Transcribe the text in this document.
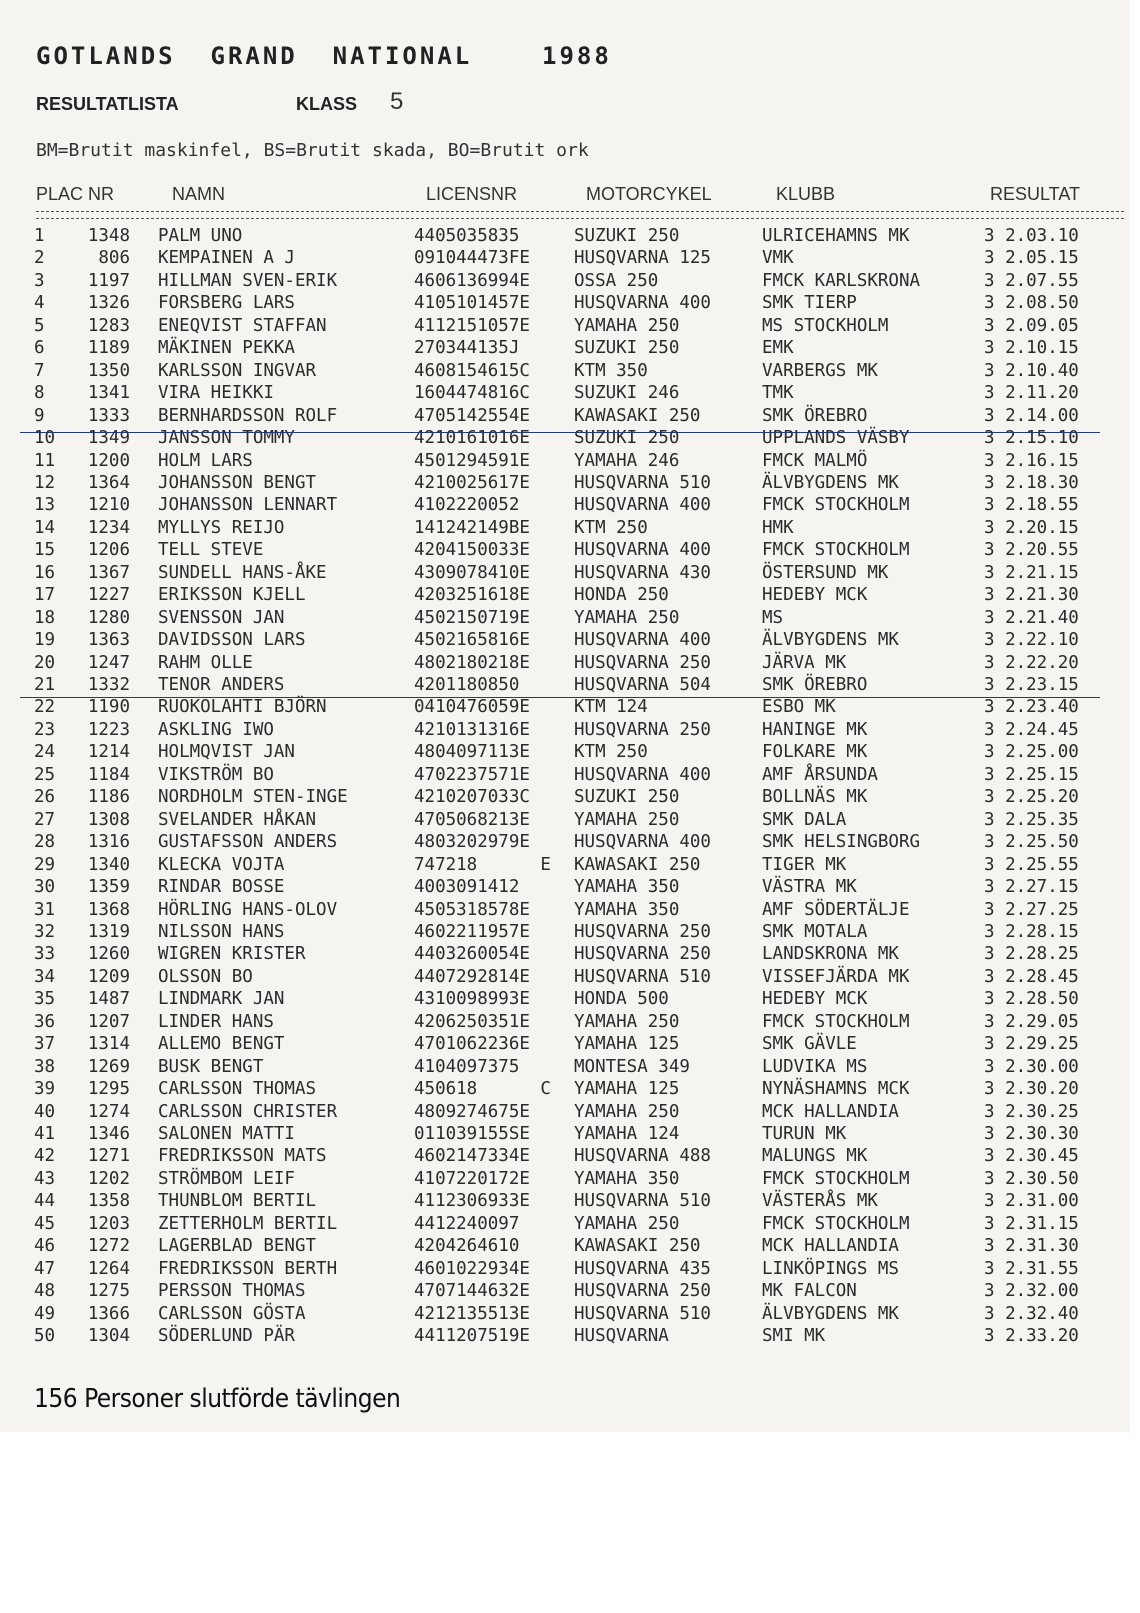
GOTLANDS  GRAND  NATIONAL    1988
RESULTATLISTA	KLASS 5
BM=Brutit maskinfel, BS=Brutit skada, BO=Brutit ork
PLAC NR	NAMN	LICENSNR	MOTORCYKEL	KLUBB	RESULTAT
1	1348 PALM UNO	4405035835	SUZUKI 250	ULRICEHAMNS MK	3 2.03.10
2	806 KEMPAINEN A J	091044473FE	HUSQVARNA 125	VMK	3 2.05.15
3	1197 HILLMAN SVEN-ERIK	4606136994E	OSSA 250	FMCK KARLSKRONA	3 2.07.55
4	1326 FORSBERG LARS	4105101457E	HUSQVARNA 400	SMK TIERP	3 2.08.50
5	1283 ENEQVIST STAFFAN	4112151057E	YAMAHA 250	MS STOCKHOLM	3 2.09.05
6	1189 MÄKINEN PEKKA	270344135J	SUZUKI 250	EMK	3 2.10.15
7	1350 KARLSSON INGVAR	4608154615C	KTM 350	VARBERGS MK	3 2.10.40
8	1341 VIRA HEIKKI	1604474816C	SUZUKI 246	TMK	3 2.11.20
9	1333 BERNHARDSSON ROLF	4705142554E	KAWASAKI 250	SMK ÖREBRO	3 2.14.00
10	1349 JANSSON TOMMY	4210161016E	SUZUKI 250	UPPLANDS VÄSBY	3 2.15.10
11	1200 HOLM LARS	4501294591E	YAMAHA 246	FMCK MALMÖ	3 2.16.15
12	1364 JOHANSSON BENGT	4210025617E	HUSQVARNA 510	ÄLVBYGDENS MK	3 2.18.30
13	1210 JOHANSSON LENNART	4102220052	HUSQVARNA 400	FMCK STOCKHOLM	3 2.18.55
14	1234 MYLLYS REIJO	141242149BE	KTM 250	HMK	3 2.20.15
15	1206 TELL STEVE	4204150033E	HUSQVARNA 400	FMCK STOCKHOLM	3 2.20.55
16	1367 SUNDELL HANS-ÅKE	4309078410E	HUSQVARNA 430	ÖSTERSUND MK	3 2.21.15
17	1227 ERIKSSON KJELL	4203251618E	HONDA 250	HEDEBY MCK	3 2.21.30
18	1280 SVENSSON JAN	4502150719E	YAMAHA 250	MS	3 2.21.40
19	1363 DAVIDSSON LARS	4502165816E	HUSQVARNA 400	ÄLVBYGDENS MK	3 2.22.10
20	1247 RAHM OLLE	4802180218E	HUSQVARNA 250	JÄRVA MK	3 2.22.20
21	1332 TENOR ANDERS	4201180850	HUSQVARNA 504	SMK ÖREBRO	3 2.23.15
22	1190 RUOKOLAHTI BJÖRN	0410476059E	KTM 124	ESBO MK	3 2.23.40
23	1223 ASKLING IWO	4210131316E	HUSQVARNA 250	HANINGE MK	3 2.24.45
24	1214 HOLMQVIST JAN	4804097113E	KTM 250	FOLKARE MK	3 2.25.00
25	1184 VIKSTRÖM BO	4702237571E	HUSQVARNA 400	AMF ÅRSUNDA	3 2.25.15
26	1186 NORDHOLM STEN-INGE	4210207033C	SUZUKI 250	BOLLNÄS MK	3 2.25.20
27	1308 SVELANDER HÅKAN	4705068213E	YAMAHA 250	SMK DALA	3 2.25.35
28	1316 GUSTAFSSON ANDERS	4803202979E	HUSQVARNA 400	SMK HELSINGBORG	3 2.25.50
29	1340 KLECKA VOJTA	747218      E KAWASAKI 250	TIGER MK	3 2.25.55
30	1359 RINDAR BOSSE	4003091412	YAMAHA 350	VÄSTRA MK	3 2.27.15
31	1368 HÖRLING HANS-OLOV	4505318578E	YAMAHA 350	AMF SÖDERTÄLJE	3 2.27.25
32	1319 NILSSON HANS	4602211957E	HUSQVARNA 250	SMK MOTALA	3 2.28.15
33	1260 WIGREN KRISTER	4403260054E	HUSQVARNA 250	LANDSKRONA MK	3 2.28.25
34	1209 OLSSON BO	4407292814E	HUSQVARNA 510	VISSEFJÄRDA MK	3 2.28.45
35	1487 LINDMARK JAN	4310098993E	HONDA 500	HEDEBY MCK	3 2.28.50
36	1207 LINDER HANS	4206250351E	YAMAHA 250	FMCK STOCKHOLM	3 2.29.05
37	1314 ALLEMO BENGT	4701062236E	YAMAHA 125	SMK GÄVLE	3 2.29.25
38	1269 BUSK BENGT	4104097375	MONTESA 349	LUDVIKA MS	3 2.30.00
39	1295 CARLSSON THOMAS	450618      C YAMAHA 125	NYNÄSHAMNS MCK	3 2.30.20
40	1274 CARLSSON CHRISTER	4809274675E	YAMAHA 250	MCK HALLANDIA	3 2.30.25
41	1346 SALONEN MATTI	011039155SE	YAMAHA 124	TURUN MK	3 2.30.30
42	1271 FREDRIKSSON MATS	4602147334E	HUSQVARNA 488	MALUNGS MK	3 2.30.45
43	1202 STRÖMBOM LEIF	4107220172E	YAMAHA 350	FMCK STOCKHOLM	3 2.30.50
44	1358 THUNBLOM BERTIL	4112306933E	HUSQVARNA 510	VÄSTERÅS MK	3 2.31.00
45	1203 ZETTERHOLM BERTIL	4412240097	YAMAHA 250	FMCK STOCKHOLM	3 2.31.15
46	1272 LAGERBLAD BENGT	4204264610	KAWASAKI 250	MCK HALLANDIA	3 2.31.30
47	1264 FREDRIKSSON BERTH	4601022934E	HUSQVARNA 435	LINKÖPINGS MS	3 2.31.55
48	1275 PERSSON THOMAS	4707144632E	HUSQVARNA 250	MK FALCON	3 2.32.00
49	1366 CARLSSON GÖSTA	4212135513E	HUSQVARNA 510	ÄLVBYGDENS MK	3 2.32.40
50	1304 SÖDERLUND PÄR	4411207519E	HUSQVARNA	SMI MK	3 2.33.20
156 Personer slutförde tävlingen
